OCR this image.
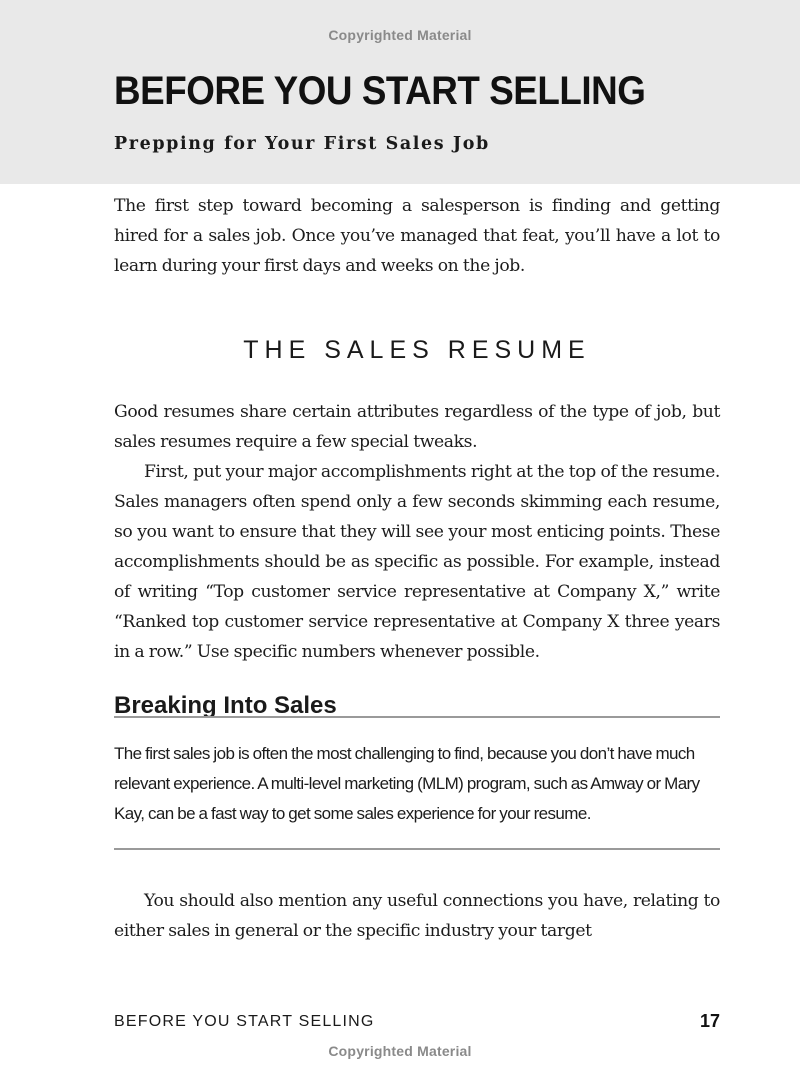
Copyrighted Material
BEFORE YOU START SELLING
Prepping for Your First Sales Job

The first step toward becoming a salesperson is finding and getting hired for a sales job. Once you’ve managed that feat, you’ll have a lot to learn during your first days and weeks on the job.

THE SALES RESUME

Good resumes share certain attributes regardless of the type of job, but sales resumes require a few special tweaks.

First, put your major accomplishments right at the top of the resume. Sales managers often spend only a few seconds skimming each resume, so you want to ensure that they will see your most enticing points. These accomplishments should be as specific as possible. For example, instead of writing “Top customer service representative at Company X,” write “Ranked top customer service representative at Company X three years in a row.” Use specific numbers whenever possible.

Breaking Into Sales

The first sales job is often the most challenging to find, because you don’t have much relevant experience. A multi-level marketing (MLM) program, such as Amway or Mary Kay, can be a fast way to get some sales experience for your resume.

You should also mention any useful connections you have, relating to either sales in general or the specific industry your target

BEFORE YOU START SELLING	17
Copyrighted Material
